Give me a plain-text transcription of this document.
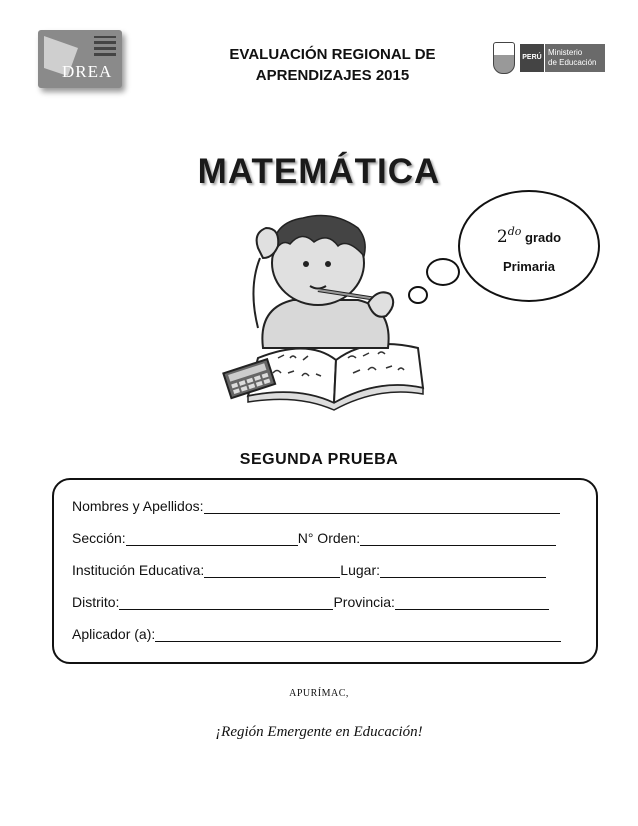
DREA
EVALUACIÓN REGIONAL DE
APRENDIZAJES 2015
PERÚ
Ministerio
de Educación
MATEMÁTICA
$2^{do}$ grado
Primaria
SEGUNDA PRUEBA
Nombres y Apellidos:
Sección:	N° Orden:
Institución Educativa:	Lugar:
Distrito:	Provincia:
Aplicador (a):
APURÍMAC,
¡Región Emergente en Educación!
